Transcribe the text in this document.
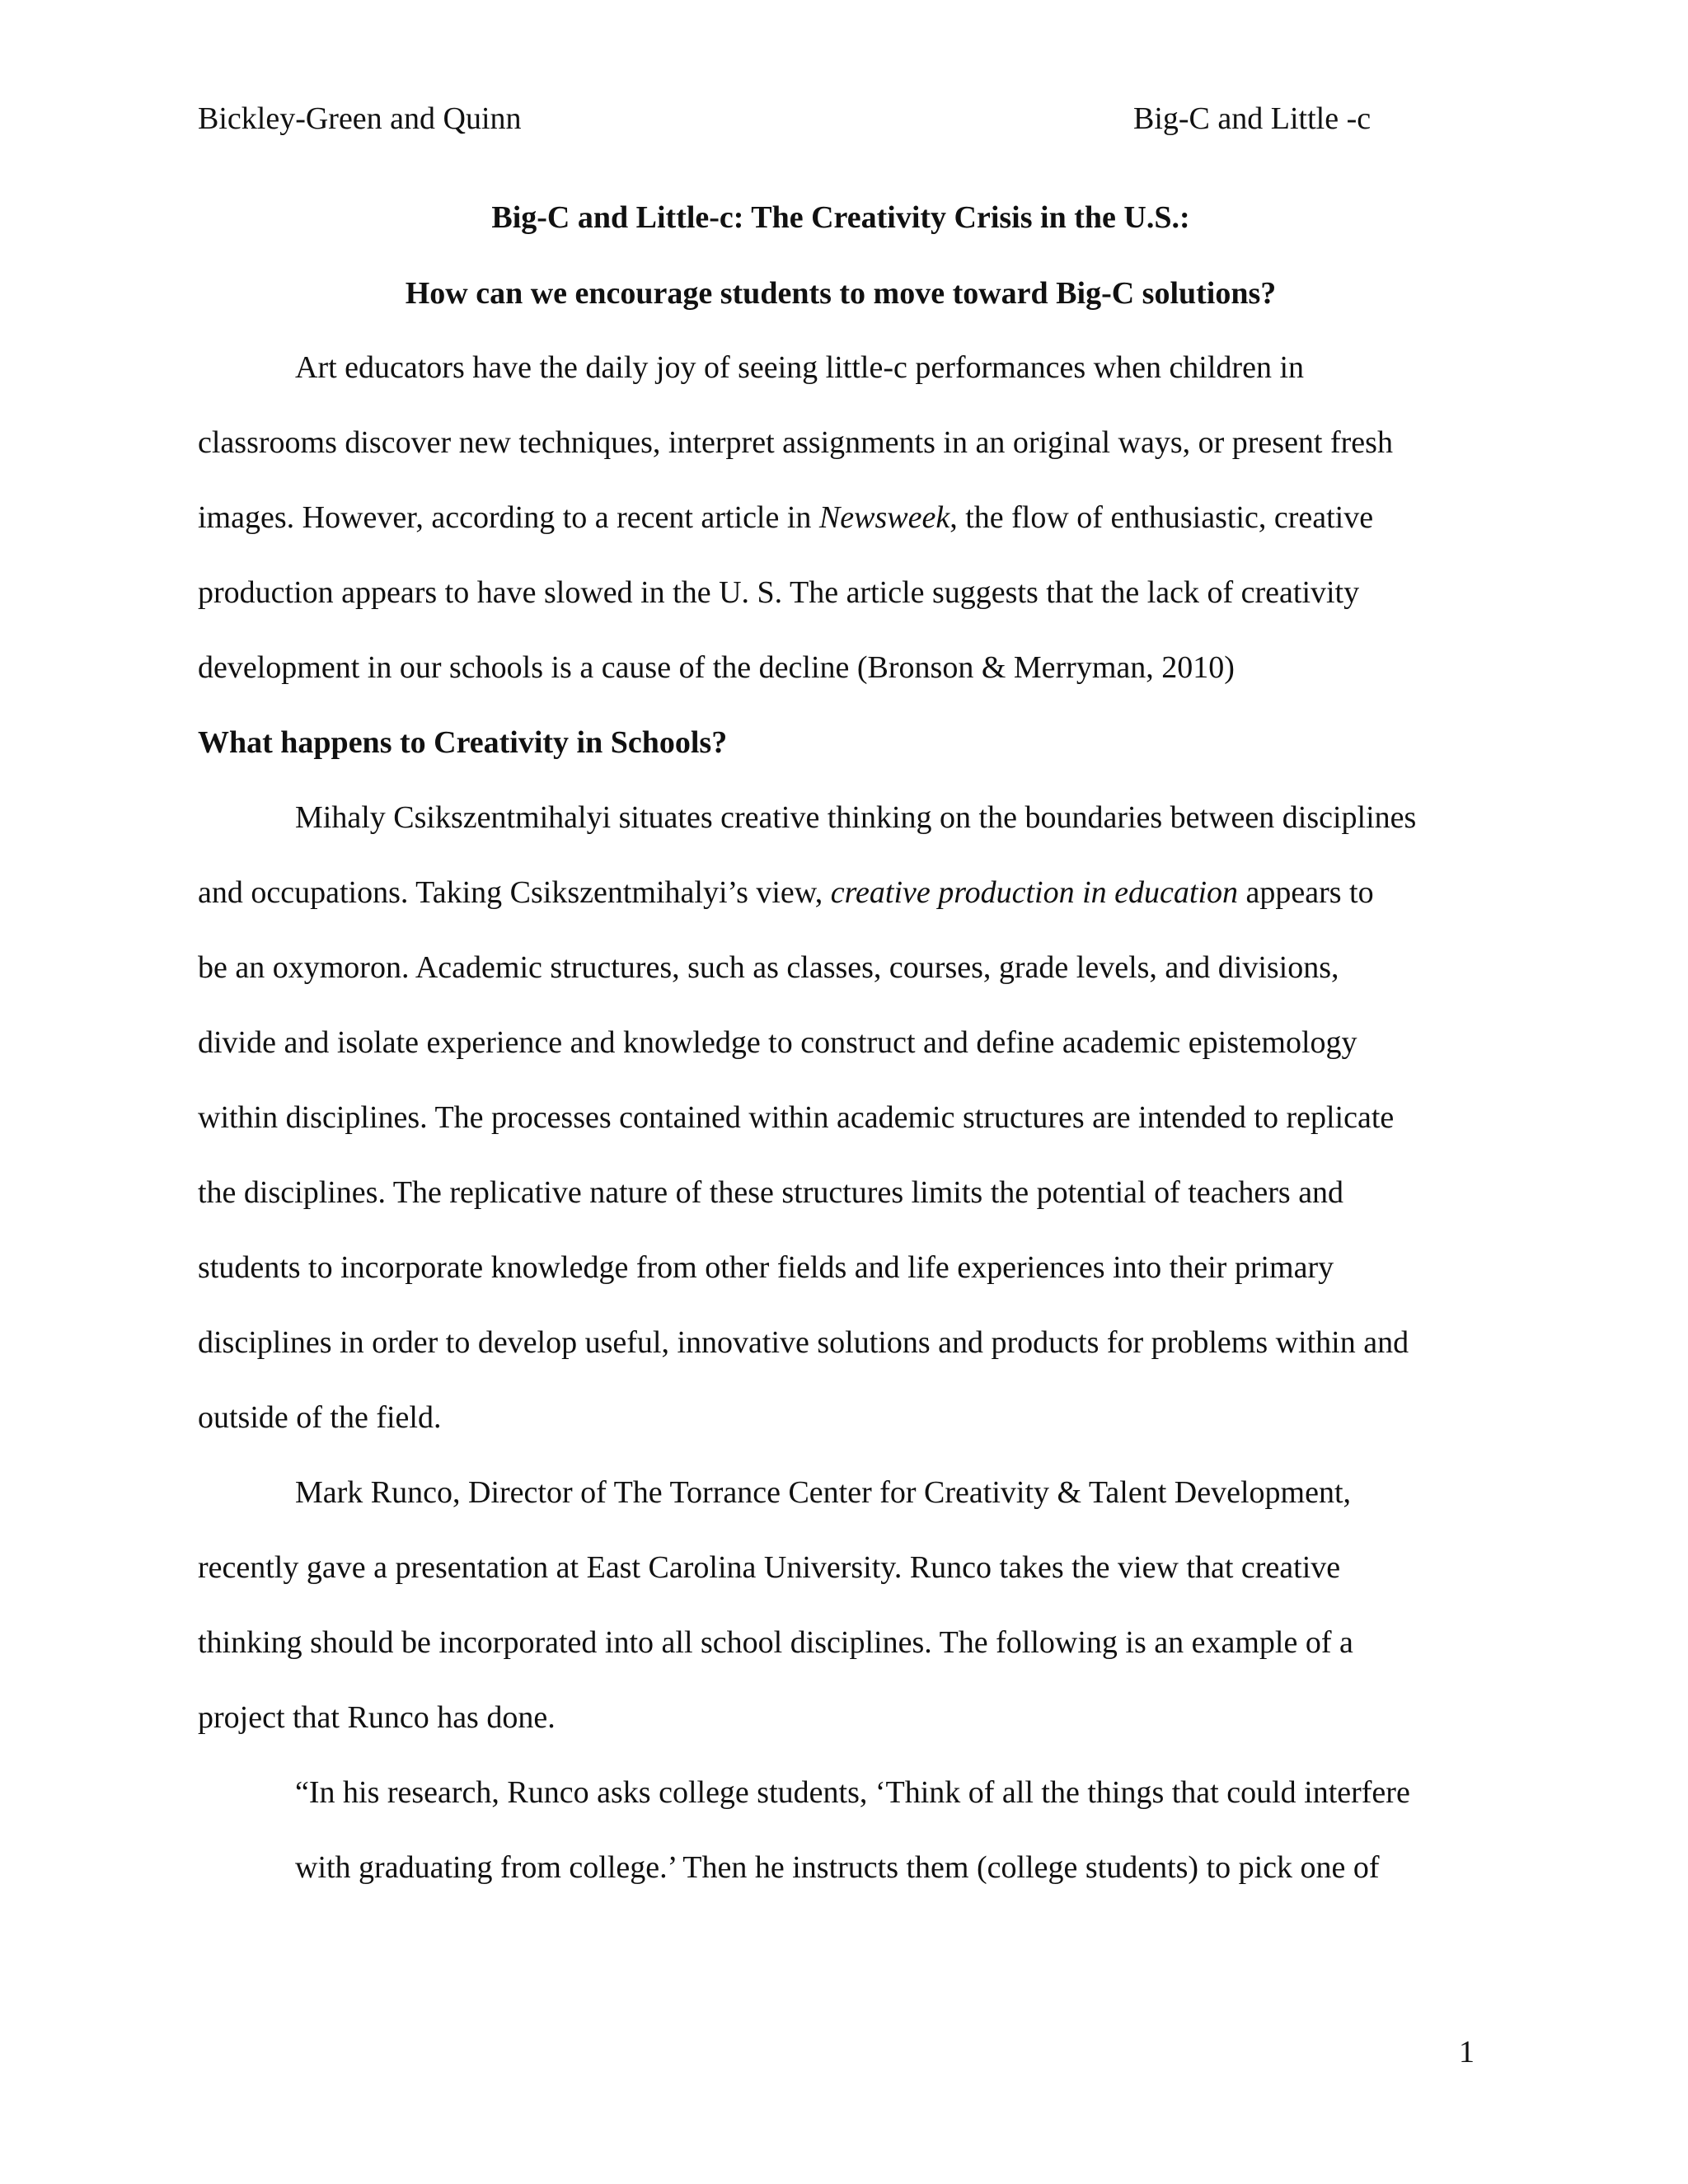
Bickley-Green and Quinn	Big-C and Little -c
Big-C and Little-c: The Creativity Crisis in the U.S.:
How can we encourage students to move toward Big-C solutions?
Art educators have the daily joy of seeing little-c performances when children in
classrooms discover new techniques, interpret assignments in an original ways, or present fresh
images. However, according to a recent article in Newsweek, the flow of enthusiastic, creative
production appears to have slowed in the U. S. The article suggests that the lack of creativity
development in our schools is a cause of the decline (Bronson & Merryman, 2010)
What happens to Creativity in Schools?
Mihaly Csikszentmihalyi situates creative thinking on the boundaries between disciplines
and occupations. Taking Csikszentmihalyi’s view, creative production in education appears to
be an oxymoron. Academic structures, such as classes, courses, grade levels, and divisions,
divide and isolate experience and knowledge to construct and define academic epistemology
within disciplines. The processes contained within academic structures are intended to replicate
the disciplines. The replicative nature of these structures limits the potential of teachers and
students to incorporate knowledge from other fields and life experiences into their primary
disciplines in order to develop useful, innovative solutions and products for problems within and
outside of the field.
Mark Runco, Director of The Torrance Center for Creativity & Talent Development,
recently gave a presentation at East Carolina University. Runco takes the view that creative
thinking should be incorporated into all school disciplines. The following is an example of a
project that Runco has done.
“In his research, Runco asks college students, ‘Think of all the things that could interfere
with graduating from college.’ Then he instructs them (college students) to pick one of
1
